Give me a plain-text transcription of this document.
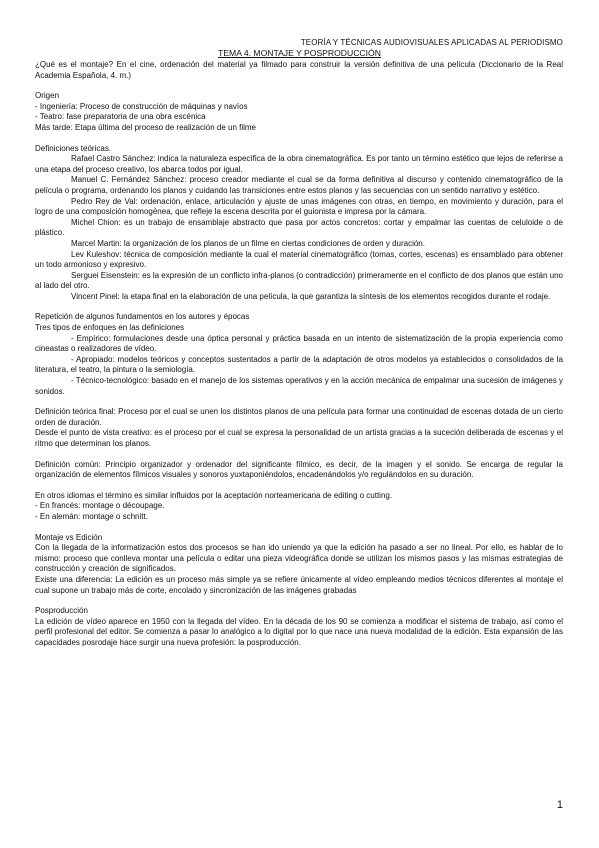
TEORÍA Y TÉCNICAS AUDIOVISUALES APLICADAS AL PERIODISMO
TEMA 4. MONTAJE Y POSPRODUCCIÓN

¿Qué es el montaje? En el cine, ordenación del material ya filmado para construir la versión definitiva de una película (Diccionario de la Real Academia Española, 4. m.)

Origen

- Ingeniería: Proceso de construcción de máquinas y navíos

- Teatro: fase preparatoria de una obra escénica

Más tarde: Etapa última del proceso de realización de un filme

Definiciones teóricas.

Rafael Castro Sánchez: indica la naturaleza específica de la obra cinematográfica. Es por tanto un término estético que lejos de referirse a una etapa del proceso creativo, los abarca todos por igual.

Manuel C. Fernández Sánchez: proceso creador mediante el cual se da forma definitiva al discurso y contenido cinematográfico de la película o programa, ordenando los planos y cuidando las transiciones entre estos planos y las secuencias con un sentido narrativo y estético.

Pedro Rey de Val: ordenación, enlace, articulación y ajuste de unas imágenes con otras, en tiempo, en movimiento y duración, para el logro de una composición homogénea, que refleje la escena descrita por el guionista e impresa por la cámara.

Michel Chion: es un trabajo de ensamblaje abstracto que pasa por actos concretos: cortar y empalmar las cuentas de celuloide o de plástico.

Marcel Martin: la organización de los planos de un filme en ciertas condiciones de orden y duración.

Lev Kuleshov: técnica de composición mediante la cual el material cinematográfico (tomas, cortes, escenas) es ensamblado para obtener un todo armonioso y expresivo.

Serguei Eisenstein: es la expresión de un conflicto infra-planos (o contradicción) primeramente en el conflicto de dos planos que están uno al lado del otro.

Vincent Pinel: la etapa final en la elaboración de una película, la que garantiza la síntesis de los elementos recogidos durante el rodaje.

Repetición de algunos fundamentos en los autores y épocas

Tres tipos de enfoques en las definiciones

- Empírico: formulaciones desde una óptica personal y práctica basada en un intento de sistematización de la propia experiencia como cineastas o realizadores de vídeo.

- Apropiado: modelos teóricos y conceptos sustentados a partir de la adaptación de otros modelos ya establecidos o consolidados de la literatura, el teatro, la pintura o la semiología.

- Técnico-tecnológico: basado en el manejo de los sistemas operativos y en la acción mecánica de empalmar una sucesión de imágenes y sonidos.

Definición teórica final: Proceso por el cual se unen los distintos planos de una película para formar una continuidad de escenas dotada de un cierto orden de duración.

Desde el punto de vista creativo: es el proceso por el cual se expresa la personalidad de un artista gracias a la suceción deliberada de escenas y el ritmo que determinan los planos.

Definición común: Principio organizador y ordenador del significante fílmico, es decir, de la imagen y el sonido. Se encarga de regular la organización de elementos fílmicos visuales y sonoros yuxtaponiéndolos, encadenándolos y/o regulándolos en su duración.

En otros idiomas el término es similar influidos por la aceptación norteamericana de editing o cutting.

- En francés: montage o découpage.

- En alemán: montage o schnitt.

Montaje vs Edición

Con la llegada de la informatización estos dos procesos se han ido uniendo ya que la edición ha pasado a ser no lineal. Por ello, es hablar de lo mismo: proceso que conlleva montar una película o editar una pieza videográfica donde se utilizan los mismos pasos y las mismas estrategias de construcción y creación de significados.

Existe una diferencia: La edición es un proceso más simple ya se refiere únicamente al vídeo empleando medios técnicos diferentes al montaje el cual supone un trabajo más de corte, encolado y sincronización de las imágenes grabadas

Posproducción

La edición de vídeo aparece en 1950 con la llegada del vídeo. En la década de los 90 se comienza a modificar el sistema de trabajo, así como el perfil profesional del editor. Se comienza a pasar lo analógico a lo digital por lo que nace una nueva modalidad de la edición. Esta expansión de las capacidades posrodaje hace surgir una nueva profesión: la posproducción.

1
